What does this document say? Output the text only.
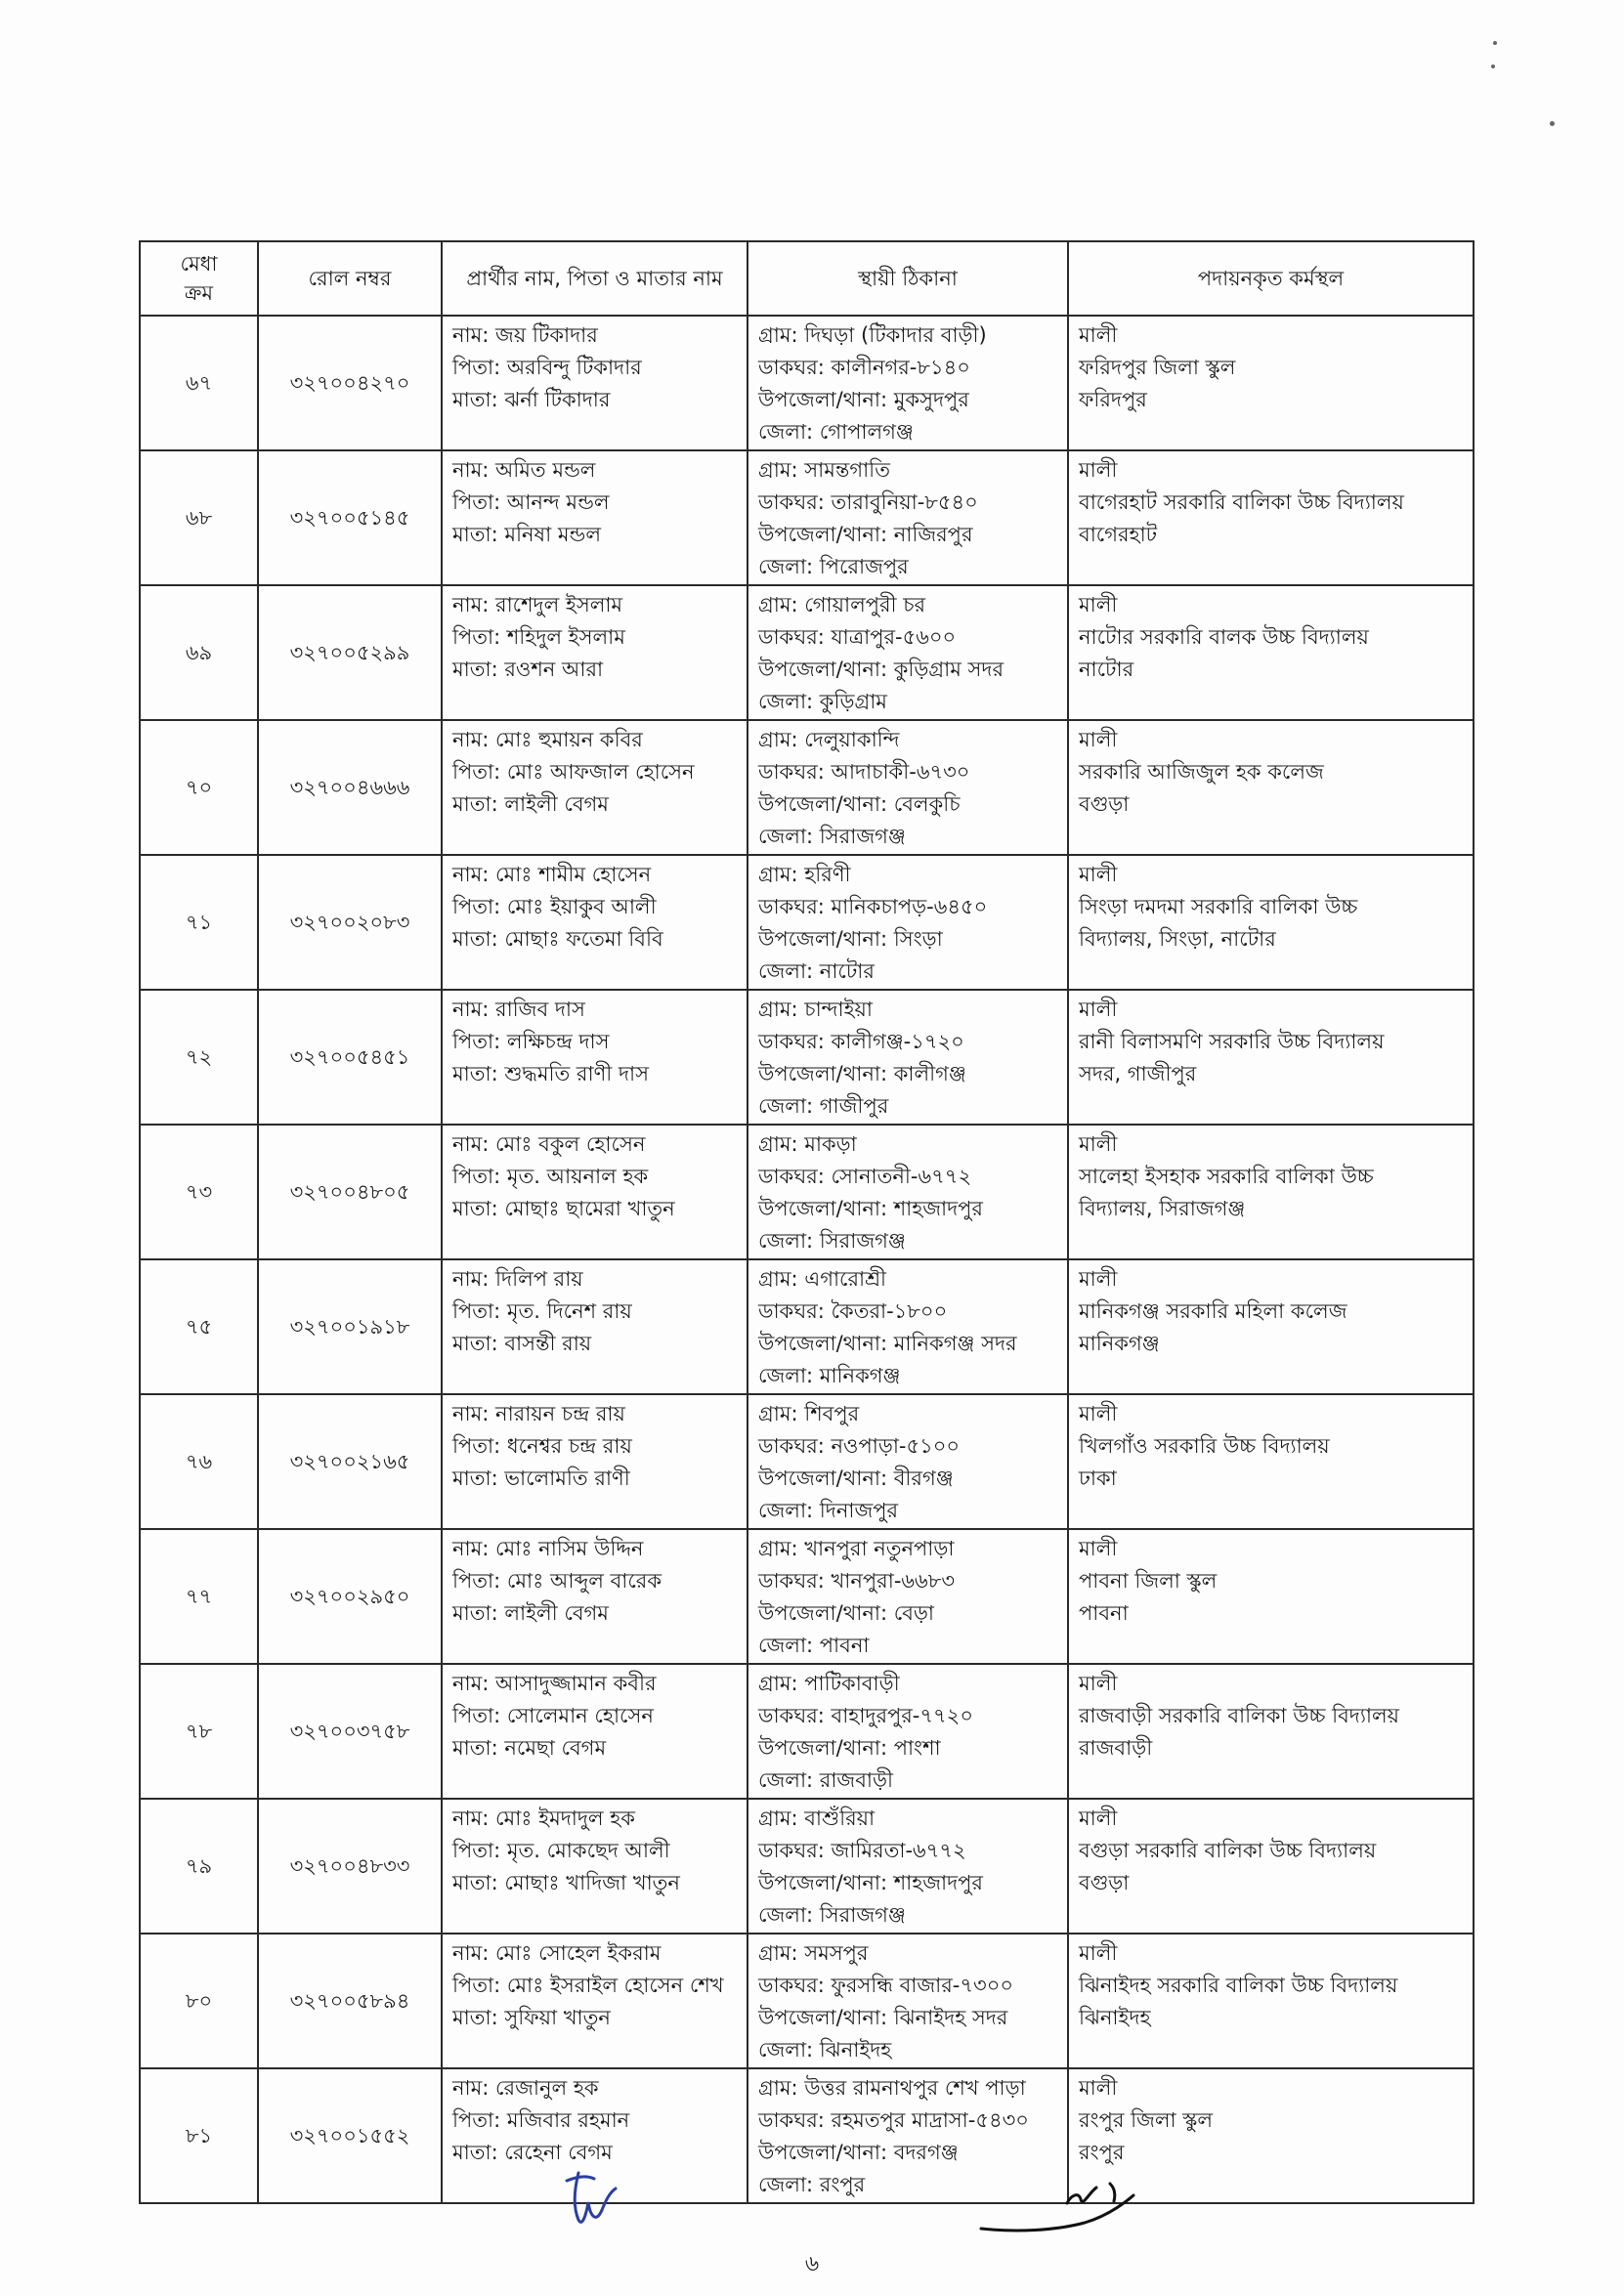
মেধা
ক্রম	রোল নম্বর	প্রার্থীর নাম, পিতা ও মাতার নাম	স্থায়ী ঠিকানা	পদায়নকৃত কর্মস্থল
৬৭	৩২৭০০৪২৭০	নাম: জয় টিকাদার
পিতা: অরবিন্দু টিকাদার
মাতা: ঝর্না টিকাদার	গ্রাম: দিঘড়া (টিকাদার বাড়ী)
ডাকঘর: কালীনগর-৮১৪০
উপজেলা/থানা: মুকসুদপুর
জেলা: গোপালগঞ্জ	মালী
ফরিদপুর জিলা স্কুল
ফরিদপুর

৬৮	৩২৭০০৫১৪৫	নাম: অমিত মন্ডল
পিতা: আনন্দ মন্ডল
মাতা: মনিষা মন্ডল	গ্রাম: সামন্তগাতি
ডাকঘর: তারাবুনিয়া-৮৫৪০
উপজেলা/থানা: নাজিরপুর
জেলা: পিরোজপুর	মালী
বাগেরহাট সরকারি বালিকা উচ্চ বিদ্যালয়
বাগেরহাট

৬৯	৩২৭০০৫২৯৯	নাম: রাশেদুল ইসলাম
পিতা: শহিদুল ইসলাম
মাতা: রওশন আরা	গ্রাম: গোয়ালপুরী চর
ডাকঘর: যাত্রাপুর-৫৬০০
উপজেলা/থানা: কুড়িগ্রাম সদর
জেলা: কুড়িগ্রাম	মালী
নাটোর সরকারি বালক উচ্চ বিদ্যালয়
নাটোর

৭০	৩২৭০০৪৬৬৬	নাম: মোঃ হুমায়ন কবির
পিতা: মোঃ আফজাল হোসেন
মাতা: লাইলী বেগম	গ্রাম: দেলুয়াকান্দি
ডাকঘর: আদাচাকী-৬৭৩০
উপজেলা/থানা: বেলকুচি
জেলা: সিরাজগঞ্জ	মালী
সরকারি আজিজুল হক কলেজ
বগুড়া

৭১	৩২৭০০২০৮৩	নাম: মোঃ শামীম হোসেন
পিতা: মোঃ ইয়াকুব আলী
মাতা: মোছাঃ ফতেমা বিবি	গ্রাম: হরিণী
ডাকঘর: মানিকচাপড়-৬৪৫০
উপজেলা/থানা: সিংড়া
জেলা: নাটোর	মালী
সিংড়া দমদমা সরকারি বালিকা উচ্চ
বিদ্যালয়, সিংড়া, নাটোর

৭২	৩২৭০০৫৪৫১	নাম: রাজিব দাস
পিতা: লক্ষিচন্দ্র দাস
মাতা: শুদ্ধমতি রাণী দাস	গ্রাম: চান্দাইয়া
ডাকঘর: কালীগঞ্জ-১৭২০
উপজেলা/থানা: কালীগঞ্জ
জেলা: গাজীপুর	মালী
রানী বিলাসমণি সরকারি উচ্চ বিদ্যালয়
সদর, গাজীপুর

৭৩	৩২৭০০৪৮০৫	নাম: মোঃ বকুল হোসেন
পিতা: মৃত. আয়নাল হক
মাতা: মোছাঃ ছামেরা খাতুন	গ্রাম: মাকড়া
ডাকঘর: সোনাতনী-৬৭৭২
উপজেলা/থানা: শাহজাদপুর
জেলা: সিরাজগঞ্জ	মালী
সালেহা ইসহাক সরকারি বালিকা উচ্চ
বিদ্যালয়, সিরাজগঞ্জ

৭৫	৩২৭০০১৯১৮	নাম: দিলিপ রায়
পিতা: মৃত. দিনেশ রায়
মাতা: বাসন্তী রায়	গ্রাম: এগারোশ্রী
ডাকঘর: কৈতরা-১৮০০
উপজেলা/থানা: মানিকগঞ্জ সদর
জেলা: মানিকগঞ্জ	মালী
মানিকগঞ্জ সরকারি মহিলা কলেজ
মানিকগঞ্জ

৭৬	৩২৭০০২১৬৫	নাম: নারায়ন চন্দ্র রায়
পিতা: ধনেশ্বর চন্দ্র রায়
মাতা: ভালোমতি রাণী	গ্রাম: শিবপুর
ডাকঘর: নওপাড়া-৫১০০
উপজেলা/থানা: বীরগঞ্জ
জেলা: দিনাজপুর	মালী
খিলগাঁও সরকারি উচ্চ বিদ্যালয়
ঢাকা

৭৭	৩২৭০০২৯৫০	নাম: মোঃ নাসিম উদ্দিন
পিতা: মোঃ আব্দুল বারেক
মাতা: লাইলী বেগম	গ্রাম: খানপুরা নতুনপাড়া
ডাকঘর: খানপুরা-৬৬৮৩
উপজেলা/থানা: বেড়া
জেলা: পাবনা	মালী
পাবনা জিলা স্কুল
পাবনা

৭৮	৩২৭০০৩৭৫৮	নাম: আসাদুজ্জামান কবীর
পিতা: সোলেমান হোসেন
মাতা: নমেছা বেগম	গ্রাম: পাটিকাবাড়ী
ডাকঘর: বাহাদুরপুর-৭৭২০
উপজেলা/থানা: পাংশা
জেলা: রাজবাড়ী	মালী
রাজবাড়ী সরকারি বালিকা উচ্চ বিদ্যালয়
রাজবাড়ী

৭৯	৩২৭০০৪৮৩৩	নাম: মোঃ ইমদাদুল হক
পিতা: মৃত. মোকছেদ আলী
মাতা: মোছাঃ খাদিজা খাতুন	গ্রাম: বাশুঁরিয়া
ডাকঘর: জামিরতা-৬৭৭২
উপজেলা/থানা: শাহজাদপুর
জেলা: সিরাজগঞ্জ	মালী
বগুড়া সরকারি বালিকা উচ্চ বিদ্যালয়
বগুড়া

৮০	৩২৭০০৫৮৯৪	নাম: মোঃ সোহেল ইকরাম
পিতা: মোঃ ইসরাইল হোসেন শেখ
মাতা: সুফিয়া খাতুন	গ্রাম: সমসপুর
ডাকঘর: ফুরসন্ধি বাজার-৭৩০০
উপজেলা/থানা: ঝিনাইদহ সদর
জেলা: ঝিনাইদহ	মালী
ঝিনাইদহ সরকারি বালিকা উচ্চ বিদ্যালয়
ঝিনাইদহ

৮১	৩২৭০০১৫৫২	নাম: রেজানুল হক
পিতা: মজিবার রহমান
মাতা: রেহেনা বেগম	গ্রাম: উত্তর রামনাথপুর শেখ পাড়া
ডাকঘর: রহমতপুর মাদ্রাসা-৫৪৩০
উপজেলা/থানা: বদরগঞ্জ
জেলা: রংপুর	মালী
রংপুর জিলা স্কুল
রংপুর
৬
